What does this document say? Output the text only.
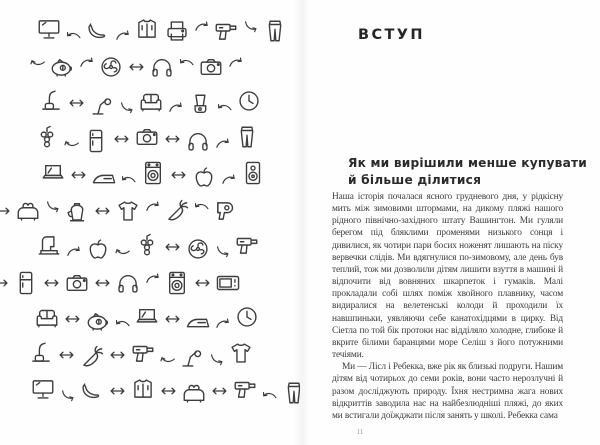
ВСТУП
Як ми вирішили менше купувати
й більше ділитися

Наша історія почалася ясного грудневого дня, у рідкісну мить між зимовими штормами, на дикому пляжі нашого рідного північно-західного штату Вашингтон. Ми гуляли берегом під бляклими променями низького сонця і дивилися, як чотири пари босих ноженят лишають на піску вервечки слідів. Ми вдягнулися по-зимовому, але день був теплий, тож ми дозволили дітям лишити взуття в машині й відпочити від вовняних шкарпеток і гумаків. Малі прокладали собі шлях поміж хвойного плавнику, часом видиралися на велетенські колоди й проходили їх навшпиньки, уявляючи себе канатохідцями в цирку. Від Сіетла по той бік протоки нас відділяло холодне, глибоке й вкрите білими баранцями море Селіш з його потужними течіями.

Ми — Лісл і Ребекка, вже рік як близькі подруги. Нашим дітям від чотирьох до семи років, вони часто нерозлучні й разом досліджують природу. Їхня нестримна жага нових відкриттів заводила нас на найбезлюдніші пляжі, до яких ми встигали доїжджати після занять у школі. Ребекка сама

11
